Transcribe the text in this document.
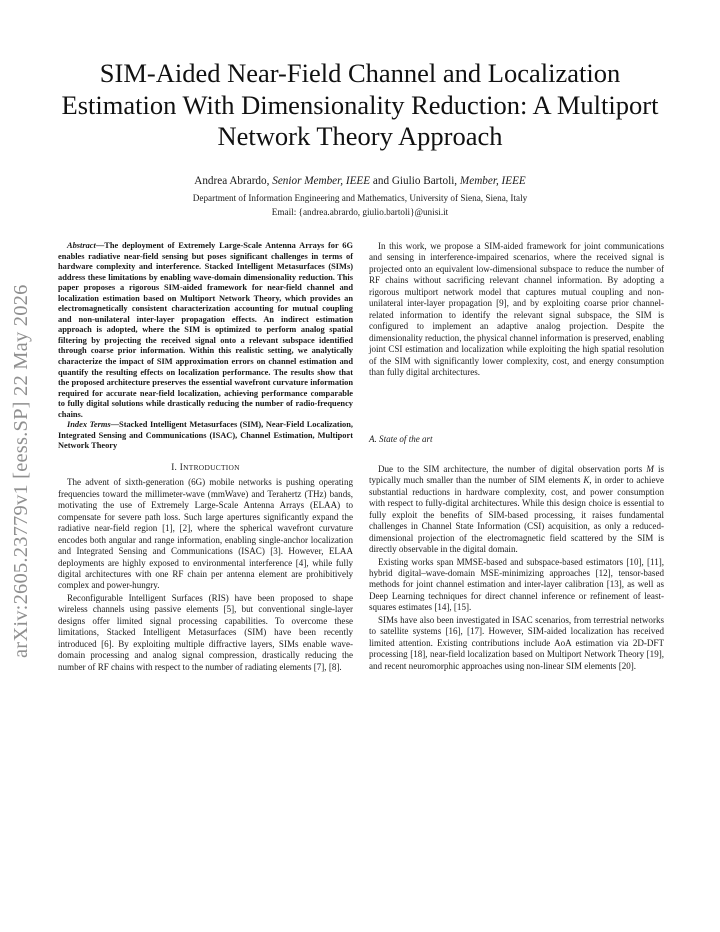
SIM-Aided Near-Field Channel and Localization Estimation With Dimensionality Reduction: A Multiport Network Theory Approach
Andrea Abrardo, Senior Member, IEEE and Giulio Bartoli, Member, IEEE
Department of Information Engineering and Mathematics, University of Siena, Siena, Italy
Email: {andrea.abrardo, giulio.bartoli}@unisi.it
arXiv:2605.23779v1 [eess.SP] 22 May 2026

Abstract—The deployment of Extremely Large-Scale Antenna Arrays for 6G enables radiative near-field sensing but poses significant challenges in terms of hardware complexity and interference. Stacked Intelligent Metasurfaces (SIMs) address these limitations by enabling wave-domain dimensionality reduction. This paper proposes a rigorous SIM-aided framework for near-field channel and localization estimation based on Multiport Network Theory, which provides an electromagnetically consistent characterization accounting for mutual coupling and non-unilateral inter-layer propagation effects. An indirect estimation approach is adopted, where the SIM is optimized to perform analog spatial filtering by projecting the received signal onto a relevant subspace identified through coarse prior information. Within this realistic setting, we analytically characterize the impact of SIM approximation errors on channel estimation and quantify the resulting effects on localization performance. The results show that the proposed architecture preserves the essential wavefront curvature information required for accurate near-field localization, achieving performance comparable to fully digital solutions while drastically reducing the number of radio-frequency chains.

Index Terms—Stacked Intelligent Metasurfaces (SIM), Near-Field Localization, Integrated Sensing and Communications (ISAC), Channel Estimation, Multiport Network Theory

I. INTRODUCTION

The advent of sixth-generation (6G) mobile networks is pushing operating frequencies toward the millimeter-wave (mmWave) and Terahertz (THz) bands, motivating the use of Extremely Large-Scale Antenna Arrays (ELAA) to compensate for severe path loss. Such large apertures significantly expand the radiative near-field region [1], [2], where the spherical wavefront curvature encodes both angular and range information, enabling single-anchor localization and Integrated Sensing and Communications (ISAC) [3]. However, ELAA deployments are highly exposed to environmental interference [4], while fully digital architectures with one RF chain per antenna element are prohibitively complex and power-hungry.

Reconfigurable Intelligent Surfaces (RIS) have been proposed to shape wireless channels using passive elements [5], but conventional single-layer designs offer limited signal processing capabilities. To overcome these limitations, Stacked Intelligent Metasurfaces (SIM) have been recently introduced [6]. By exploiting multiple diffractive layers, SIMs enable wave-domain processing and analog signal compression, drastically reducing the number of RF chains with respect to the number of radiating elements [7], [8].

In this work, we propose a SIM-aided framework for joint communications and sensing in interference-impaired scenarios, where the received signal is projected onto an equivalent low-dimensional subspace to reduce the number of RF chains without sacrificing relevant channel information. By adopting a rigorous multiport network model that captures mutual coupling and non-unilateral inter-layer propagation [9], and by exploiting coarse prior channel-related information to identify the relevant signal subspace, the SIM is configured to implement an adaptive analog projection. Despite the dimensionality reduction, the physical channel information is preserved, enabling joint CSI estimation and localization while exploiting the high spatial resolution of the SIM with significantly lower complexity, cost, and energy consumption than fully digital architectures.

A. State of the art

Due to the SIM architecture, the number of digital observation ports M is typically much smaller than the number of SIM elements K, in order to achieve substantial reductions in hardware complexity, cost, and power consumption with respect to fully-digital architectures. While this design choice is essential to fully exploit the benefits of SIM-based processing, it raises fundamental challenges in Channel State Information (CSI) acquisition, as only a reduced-dimensional projection of the electromagnetic field scattered by the SIM is directly observable in the digital domain.

Existing works span MMSE-based and subspace-based estimators [10], [11], hybrid digital–wave-domain MSE-minimizing approaches [12], tensor-based methods for joint channel estimation and inter-layer calibration [13], as well as Deep Learning techniques for direct channel inference or refinement of least-squares estimates [14], [15].

SIMs have also been investigated in ISAC scenarios, from terrestrial networks to satellite systems [16], [17]. However, SIM-aided localization has received limited attention. Existing contributions include AoA estimation via 2D-DFT processing [18], near-field localization based on Multiport Network Theory [19], and recent neuromorphic approaches using non-linear SIM elements [20].
